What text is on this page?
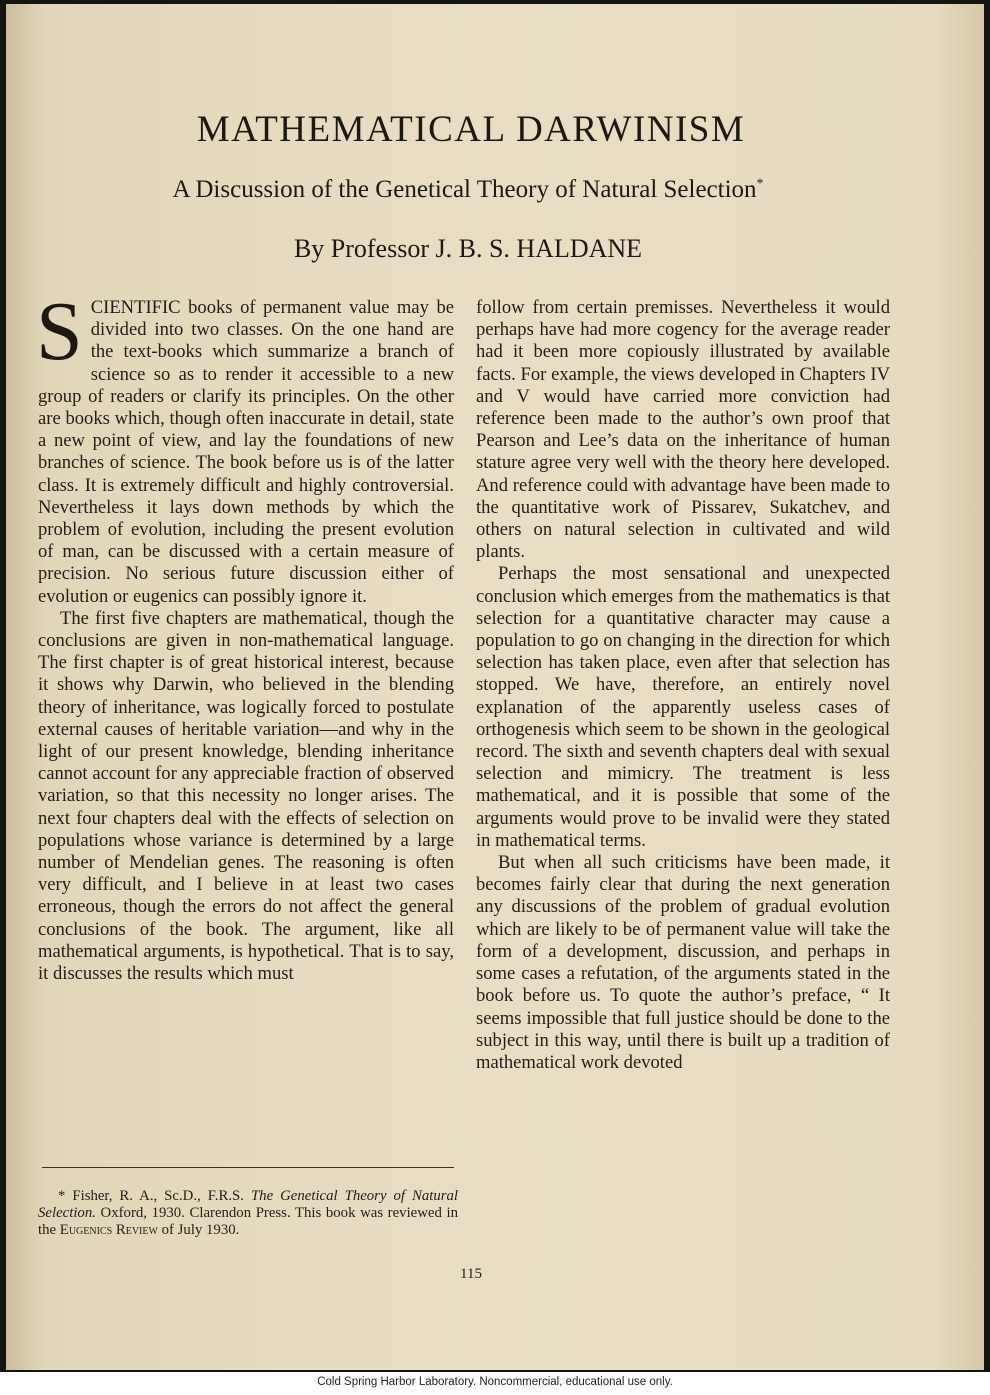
MATHEMATICAL DARWINISM
A Discussion of the Genetical Theory of Natural Selection*
By Professor J. B. S. HALDANE

SCIENTIFIC books of permanent value may be divided into two classes. On the one hand are the text-books which summarize a branch of science so as to render it accessible to a new group of readers or clarify its principles. On the other are books which, though often inaccurate in detail, state a new point of view, and lay the foundations of new branches of science. The book before us is of the latter class. It is extremely difficult and highly controversial. Nevertheless it lays down methods by which the problem of evolution, including the present evolution of man, can be discussed with a certain measure of precision. No serious future discussion either of evolution or eugenics can possibly ignore it.

The first five chapters are mathematical, though the conclusions are given in non-mathematical language. The first chapter is of great historical interest, because it shows why Darwin, who believed in the blending theory of inheritance, was logically forced to postulate external causes of heritable variation—and why in the light of our present knowledge, blending inheritance cannot account for any appreciable fraction of observed variation, so that this necessity no longer arises. The next four chapters deal with the effects of selection on populations whose variance is determined by a large number of Mendelian genes. The reasoning is often very difficult, and I believe in at least two cases erroneous, though the errors do not affect the general conclusions of the book. The argument, like all mathematical arguments, is hypothetical. That is to say, it discusses the results which must

follow from certain premisses. Nevertheless it would perhaps have had more cogency for the average reader had it been more copiously illustrated by available facts. For example, the views developed in Chapters IV and V would have carried more conviction had reference been made to the author’s own proof that Pearson and Lee’s data on the inheritance of human stature agree very well with the theory here developed. And reference could with advantage have been made to the quantitative work of Pissarev, Sukatchev, and others on natural selection in cultivated and wild plants.

Perhaps the most sensational and unexpected conclusion which emerges from the mathematics is that selection for a quantitative character may cause a population to go on changing in the direction for which selection has taken place, even after that selection has stopped. We have, therefore, an entirely novel explanation of the apparently useless cases of orthogenesis which seem to be shown in the geological record. The sixth and seventh chapters deal with sexual selection and mimicry. The treatment is less mathematical, and it is possible that some of the arguments would prove to be invalid were they stated in mathematical terms.

But when all such criticisms have been made, it becomes fairly clear that during the next generation any discussions of the problem of gradual evolution which are likely to be of permanent value will take the form of a development, discussion, and perhaps in some cases a refutation, of the arguments stated in the book before us. To quote the author’s preface, “ It seems impossible that full justice should be done to the subject in this way, until there is built up a tradition of mathematical work devoted

* Fisher, R. A., Sc.D., F.R.S. The Genetical Theory of Natural Selection. Oxford, 1930. Clarendon Press. This book was reviewed in the Eugenics Review of July 1930.
115
Cold Spring Harbor Laboratory. Noncommercial, educational use only.
